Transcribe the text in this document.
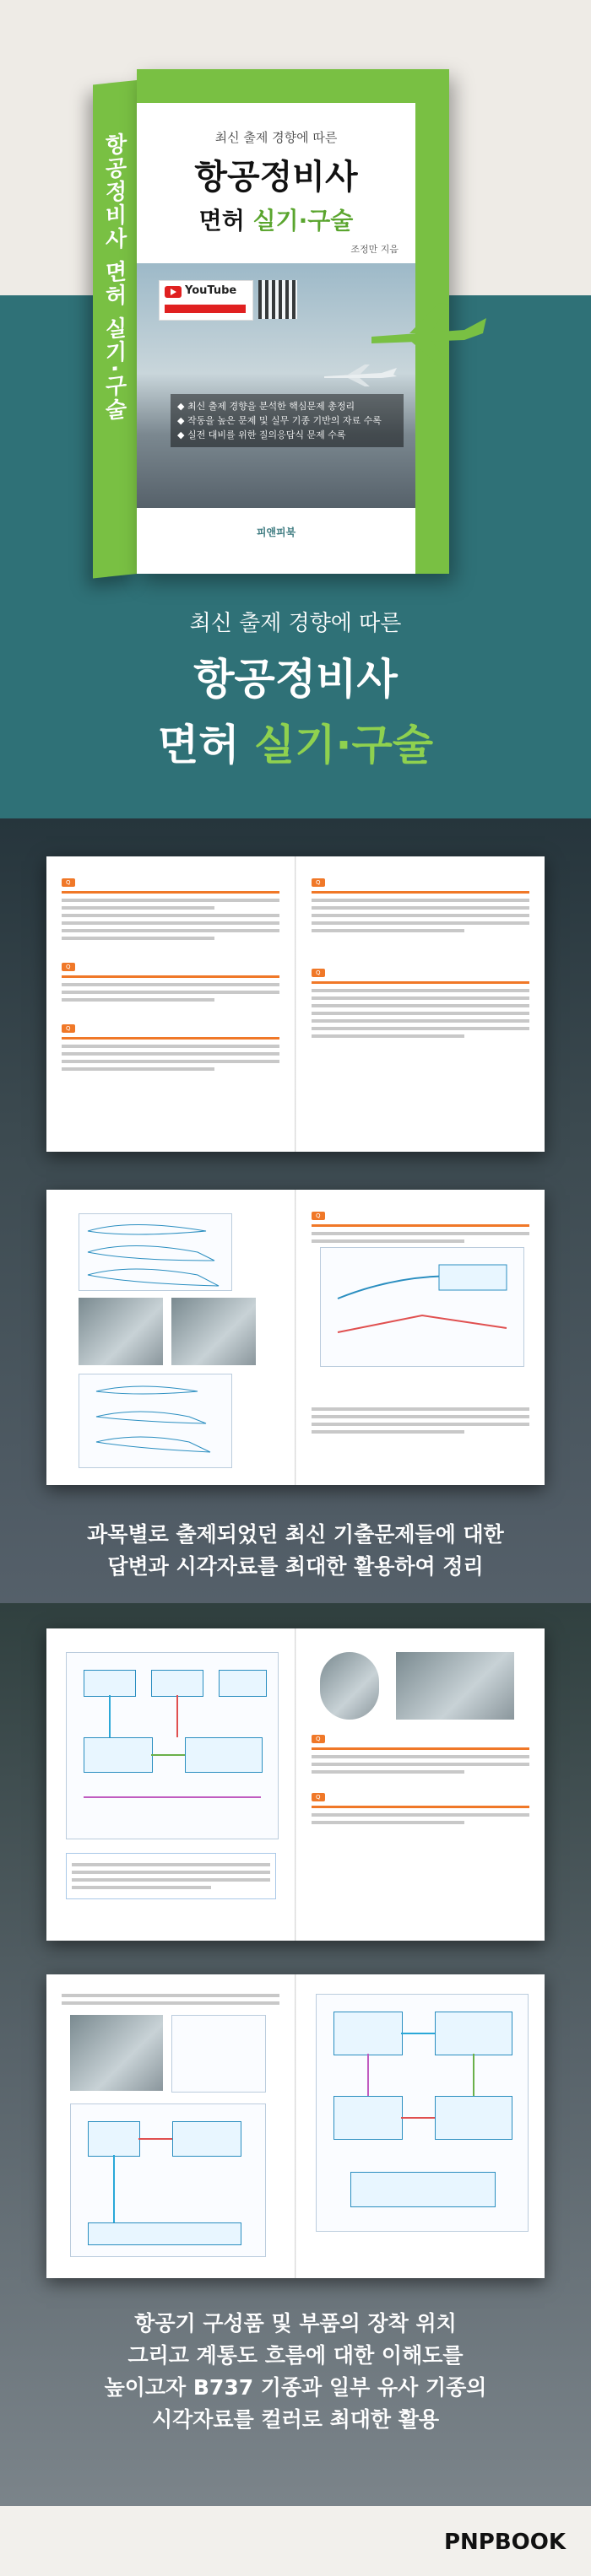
항공정비사 면허 실기·구술	최신 출제 경향에 따른
항공정비사
면허 실기·구술
조정만 지음
YouTube
◆ 최신 출제 경향을 분석한 핵심문제 총정리
◆ 작동을 높은 문제 및 실무 기종 기반의 자료 수록
◆ 실전 대비를 위한 질의응답식 문제 수록
피앤피북
최신 출제 경향에 따른
항공정비사
면허 실기·구술
Q
Q
Q
Q
Q
Q
과목별로 출제되었던 최신 기출문제들에 대한
답변과 시각자료를 최대한 활용하여 정리
Q
Q
항공기 구성품 및 부품의 장착 위치
그리고 계통도 흐름에 대한 이해도를
높이고자 B737 기종과 일부 유사 기종의
시각자료를 컬러로 최대한 활용
PNPBOOK
